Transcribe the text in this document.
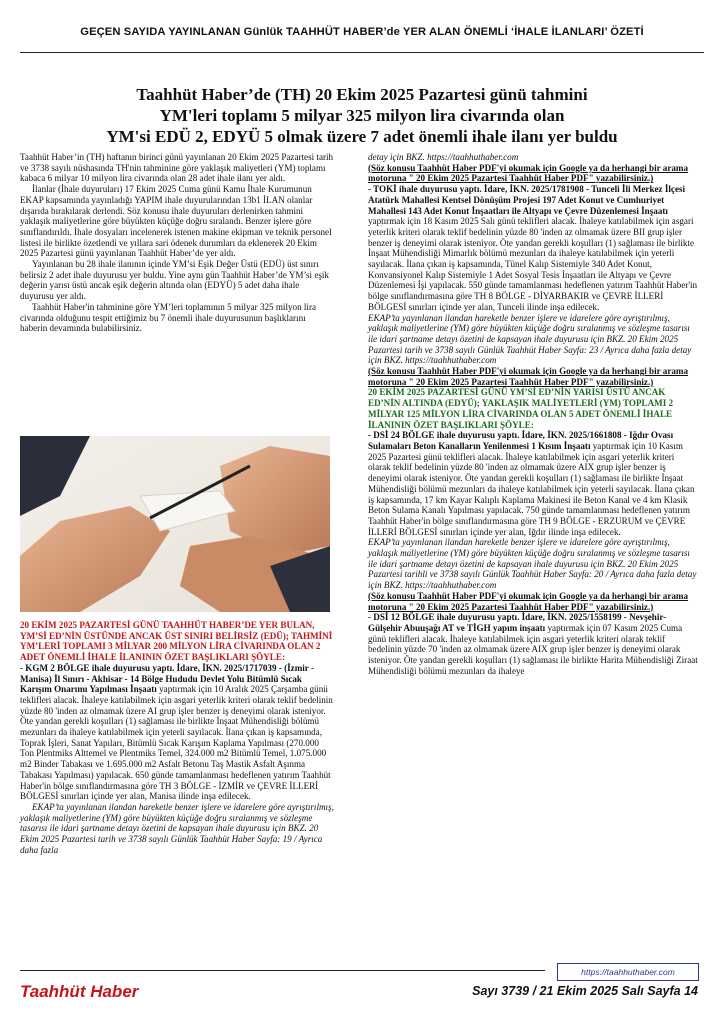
GEÇEN SAYIDA YAYINLANAN Günlük TAAHHÜT HABER’de YER ALAN ÖNEMLİ ‘İHALE İLANLARI’ ÖZETİ
Taahhüt Haber’de (TH) 20 Ekim 2025 Pazartesi günü tahmini
YM'leri toplamı 5 milyar 325 milyon lira civarında olan
YM'si EDÜ 2, EDYÜ 5 olmak üzere 7 adet önemli ihale ilanı yer buldu

Taahhüt Haber’in (TH) haftanın birinci günü yayınlanan 20 Ekim 2025 Pazartesi tarih ve 3738 sayılı nüshasında TH'nin tahminine göre yaklaşık maliyetleri (YM) toplamı kabaca 6 milyar 10 milyon lira civarında olan 28 adet ihale ilanı yer aldı.

İlanlar (İhale duyuruları) 17 Ekim 2025 Cuma günü Kamu İhale Kurumunun EKAP kapsamında yayınladığı YAPIM ihale duyurularından 13b1 İLAN olanlar dışarıda bırakılarak derlendi. Söz konusu ihale duyuruları derlenirken tahmini yaklaşık maliyetlerine göre büyükten küçüğe doğru sıralandı. Benzer işlere göre sınıflandırıldı. İhale dosyaları incelenerek istenen makine ekipman ve teknik personel listesi ile birlikte özetlendi ve yıllara sari ödenek durumları da eklenerek 20 Ekim 2025 Pazartesi günü yayınlanan Taahhüt Haber’de yer aldı.

Yayınlanan bu 28 ihale ilanının içinde YM’si Eşik Değer Üstü (EDÜ) üst sınırı belirsiz 2 adet ihale duyurusu yer buldu. Yine aynı gün Taahhüt Haber’de YM’si eşik değerin yarısı üstü ancak eşik değerin altında olan (EDYÜ) 5 adet daha ihale duyurusu yer aldı.

Taahhüt Haber'in tahminine göre YM’leri toplamının 5 milyar 325 milyon lira civarında olduğunu tespit ettiğimiz bu 7 önemli ihale duyurusunun başlıklarını haberin devamında bulabilirsiniz.

20 EKİM 2025 PAZARTESİ GÜNÜ TAAHHÜT HABER’DE YER BULAN, YM’Sİ ED’NİN ÜSTÜNDE ANCAK ÜST SINIRI BELİRSİZ (EDÜ); TAHMİNİ YM’LERİ TOPLAMI 3 MİLYAR 200 MİLYON LİRA CİVARINDA OLAN 2 ADET ÖNEMLİ İHALE İLANININ ÖZET BAŞLIKLARI ŞÖYLE:

- KGM 2 BÖLGE ihale duyurusu yaptı. İdare, İKN. 2025/1717039 - (İzmir - Manisa) İl Sınırı - Akhisar - 14 Bölge Hududu Devlet Yolu Bitümlü Sıcak Karışım Onarımı Yapılması İnşaatı yaptırmak için 10 Aralık 2025 Çarşamba günü teklifleri alacak. İhaleye katılabilmek için asgari yeterlik kriteri olarak teklif bedelinin yüzde 80 'inden az olmamak üzere AI grup işler benzer iş deneyimi olarak isteniyor. Öte yandan gerekli koşulları (1) sağlaması ile birlikte İnşaat Mühendisliği bölümü mezunları da ihaleye katılabilmek için yeterli sayılacak. İlana çıkan iş kapsamında, Toprak İşleri, Sanat Yapıları, Bitümlü Sıcak Karışım Kaplama Yapılması (270.000 Ton Plentmiks Alttemel ve Plentmiks Temel, 324.000 m2 Bitümlü Temel, 1.075.000 m2 Binder Tabakası ve 1.695.000 m2 Asfalt Betonu Taş Mastik Asfalt Aşınma Tabakası Yapılması) yapılacak. 650 günde tamamlanması hedeflenen yatırım Taahhüt Haber'in bölge sınıflandırmasına göre TH 3 BÖLGE - İZMİR ve ÇEVRE İLLERİ BÖLGESİ sınırları içinde yer alan, Manisa ilinde inşa edilecek.

EKAP’ta yayınlanan ilandan hareketle benzer işlere ve idarelere göre ayrıştırılmış, yaklaşık maliyetlerine (YM) göre büyükten küçüğe doğru sıralanmış ve sözleşme tasarısı ile idari şartname detayı özetini de kapsayan ihale duyurusu için BKZ. 20 Ekim 2025 Pazartesi tarih ve 3738 sayılı Günlük Taahhüt Haber Sayfa: 19 / Ayrıca daha fazla

detay için BKZ. https://taahhuthaber.com

(Söz konusu Taahhüt Haber PDF'yi okumak için Google ya da herhangi bir arama motoruna " 20 Ekim 2025 Pazartesi Taahhüt Haber PDF" yazabilirsiniz.)

- TOKİ ihale duyurusu yaptı. İdare, İKN. 2025/1781908 - Tunceli İli Merkez İlçesi Atatürk Mahallesi Kentsel Dönüşüm Projesi 197 Adet Konut ve Cumhuriyet Mahallesi 143 Adet Konut İnşaatları ile Altyapı ve Çevre Düzenlemesi İnşaatı yaptırmak için 18 Kasım 2025 Salı günü teklifleri alacak. İhaleye katılabilmek için asgari yeterlik kriteri olarak teklif bedelinin yüzde 80 'inden az olmamak üzere BII grup işler benzer iş deneyimi olarak isteniyor. Öte yandan gerekli koşulları (1) sağlaması ile birlikte İnşaat Mühendisliği Mimarlık bölümü mezunları da ihaleye katılabilmek için yeterli sayılacak. İlana çıkan iş kapsamında, Tünel Kalıp Sistemiyle 340 Adet Konut, Konvansiyonel Kalıp Sistemiyle 1 Adet Sosyal Tesis İnşaatları ile Altyapı ve Çevre Düzenlemesi İşi yapılacak. 550 günde tamamlanması hedeflenen yatırım Taahhüt Haber'in bölge sınıflandırmasına göre TH 8 BÖLGE - DİYARBAKIR ve ÇEVRE İLLERİ BÖLGESİ sınırları içinde yer alan, Tunceli ilinde inşa edilecek.

EKAP’ta yayınlanan ilandan hareketle benzer işlere ve idarelere göre ayrıştırılmış, yaklaşık maliyetlerine (YM) göre büyükten küçüğe doğru sıralanmış ve sözleşme tasarısı ile idari şartname detayı özetini de kapsayan ihale duyurusu için BKZ. 20 Ekim 2025 Pazartesi tarih ve 3738 sayılı Günlük Taahhüt Haber Sayfa: 23 / Ayrıca daha fazla detay için BKZ. https://taahhuthaber.com

(Söz konusu Taahhüt Haber PDF'yi okumak için Google ya da herhangi bir arama motoruna " 20 Ekim 2025 Pazartesi Taahhüt Haber PDF" yazabilirsiniz.)

20 EKİM 2025 PAZARTESİ GÜNÜ YM’Sİ ED’NİN YARISI ÜSTÜ ANCAK ED’NİN ALTINDA (EDYÜ); YAKLAŞIK MALİYETLERİ (YM) TOPLAMI 2 MİLYAR 125 MİLYON LİRA CİVARINDA OLAN 5 ADET ÖNEMLİ İHALE İLANININ ÖZET BAŞLIKLARI ŞÖYLE:

- DSİ 24 BÖLGE ihale duyurusu yaptı. İdare, İKN. 2025/1661808 - Iğdır Ovası Sulamaları Beton Kanalların Yenilenmesi 1 Kısım İnşaatı yaptırmak için 10 Kasım 2025 Pazartesi günü teklifleri alacak. İhaleye katılabilmek için asgari yeterlik kriteri olarak teklif bedelinin yüzde 80 'inden az olmamak üzere AIX grup işler benzer iş deneyimi olarak isteniyor. Öte yandan gerekli koşulları (1) sağlaması ile birlikte İnşaat Mühendisliği bölümü mezunları da ihaleye katılabilmek için yeterli sayılacak. İlana çıkan iş kapsamında, 17 km Kayar Kalıplı Kaplama Makinesi ile Beton Kanal ve 4 km Klasik Beton Sulama Kanalı Yapılması yapılacak. 750 günde tamamlanması hedeflenen yatırım Taahhüt Haber'in bölge sınıflandırmasına göre TH 9 BÖLGE - ERZURUM ve ÇEVRE İLLERİ BÖLGESİ sınırları içinde yer alan, Iğdır ilinde inşa edilecek.

EKAP’ta yayınlanan ilandan hareketle benzer işlere ve idarelere göre ayrıştırılmış, yaklaşık maliyetlerine (YM) göre büyükten küçüğe doğru sıralanmış ve sözleşme tasarısı ile idari şartname detayı özetini de kapsayan ihale duyurusu için BKZ. 20 Ekim 2025 Pazartesi tarihli ve 3738 sayılı Günlük Taahhüt Haber Sayfa: 20 / Ayrıca daha fazla detay için BKZ. https://taahhuthaber.com

(Söz konusu Taahhüt Haber PDF'yi okumak için Google ya da herhangi bir arama motoruna " 20 Ekim 2025 Pazartesi Taahhüt Haber PDF" yazabilirsiniz.)

- DSİ 12 BÖLGE ihale duyurusu yaptı. İdare, İKN. 2025/1558199 - Nevşehir-Gülşehir Abuuşağı AT ve TİGH yapım inşaatı yaptırmak için 07 Kasım 2025 Cuma günü teklifleri alacak. İhaleye katılabilmek için asgari yeterlik kriteri olarak teklif bedelinin yüzde 70 'inden az olmamak üzere AIX grup işler benzer iş deneyimi olarak isteniyor. Öte yandan gerekli koşulları (1) sağlaması ile birlikte Harita Mühendisliği Ziraat Mühendisliği bölümü mezunları da ihaleye

https://taahhuthaber.com
Taahhüt Haber	Sayı 3739 / 21 Ekim 2025 Salı Sayfa 14
